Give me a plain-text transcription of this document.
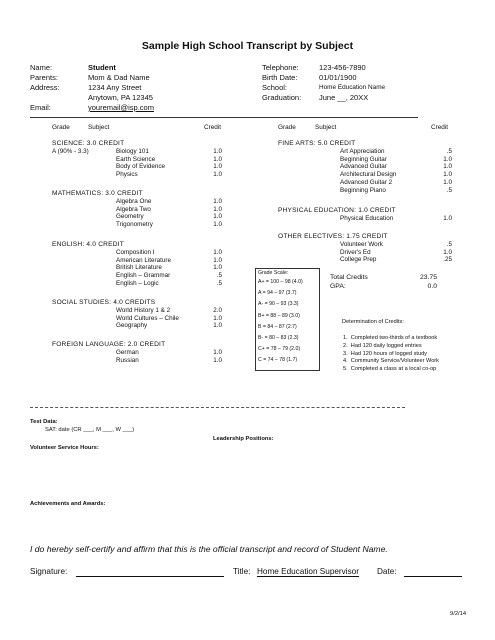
Sample High School Transcript by Subject
Name:	Student
Parents:	Mom & Dad Name
Address:	1234 Any Street
Anytown, PA 12345
Email:	youremail@isp.com
Telephone:	123-456-7890
Birth Date:	01/01/1900
School:	Home Education Name
Graduation: June __, 20XX
Grade	Subject	Credit	Grade	Subject	Credit
SCIENCE: 3.0 CREDIT
A (90% - 3.3)	Biology 101	1.0
Earth Science	1.0
Body of Evidence	1.0
Physics	1.0
MATHEMATICS: 3.0 CREDIT
Algebra One	1.0
Algebra Two	1.0
Geometry	1.0
Trigonometry	1.0
ENGLISH: 4.0 CREDIT
Composition I	1.0
American Literature	1.0
British Literature	1.0
English – Grammar	.5
English – Logic	.5
SOCIAL STUDIES: 4.0 CREDITS
World History 1 & 2	2.0
World Cultures – Chile	1.0
Geography	1.0
FOREIGN LANGUAGE: 2.0 CREDIT
German	1.0
Russian	1.0
FINE ARTS: 5.0 CREDIT
Art Appreciation	.5
Beginning Guitar	1.0
Advanced Guitar	1.0
Architectural Design	1.0
Advanced Guitar 2	1.0
Beginning Piano	.5
PHYSICAL EDUCATION: 1.0 CREDIT
Physical Education	1.0
OTHER ELECTIVES: 1.75 CREDIT
Volunteer Work	.5
Driver's Ed	1.0
College Prep	.25
Grade Scale:
A+ = 100 – 98 (4.0)
A = 94 – 97 (3.7)
A- = 90 – 93 (3.3)
B+ = 88 – 89 (3.0)
B = 84 – 87 (2.7)
B- = 80 – 83 (2.3)
C+ = 78 – 79 (2.0)
C = 74 – 78 (1.7)
Total Credits	23.75
GPA:	0.0
Determination of Credits:
1.  Completed two-thirds of a textbook
2.  Had 120 daily logged entries
3.  Had 120 hours of logged study
4.  Community Service/Volunteer Work
5.  Completed a class at a local co-op
Test Data:
SAT: date (CR ___, M ___, W ___)
Leadership Positions:
Volunteer Service Hours:
Achievements and Awards:
I do hereby self-certify and affirm that this is the official transcript and record of Student Name.
Signature:	Title: Home Education Supervisor Date:
9/2/14
